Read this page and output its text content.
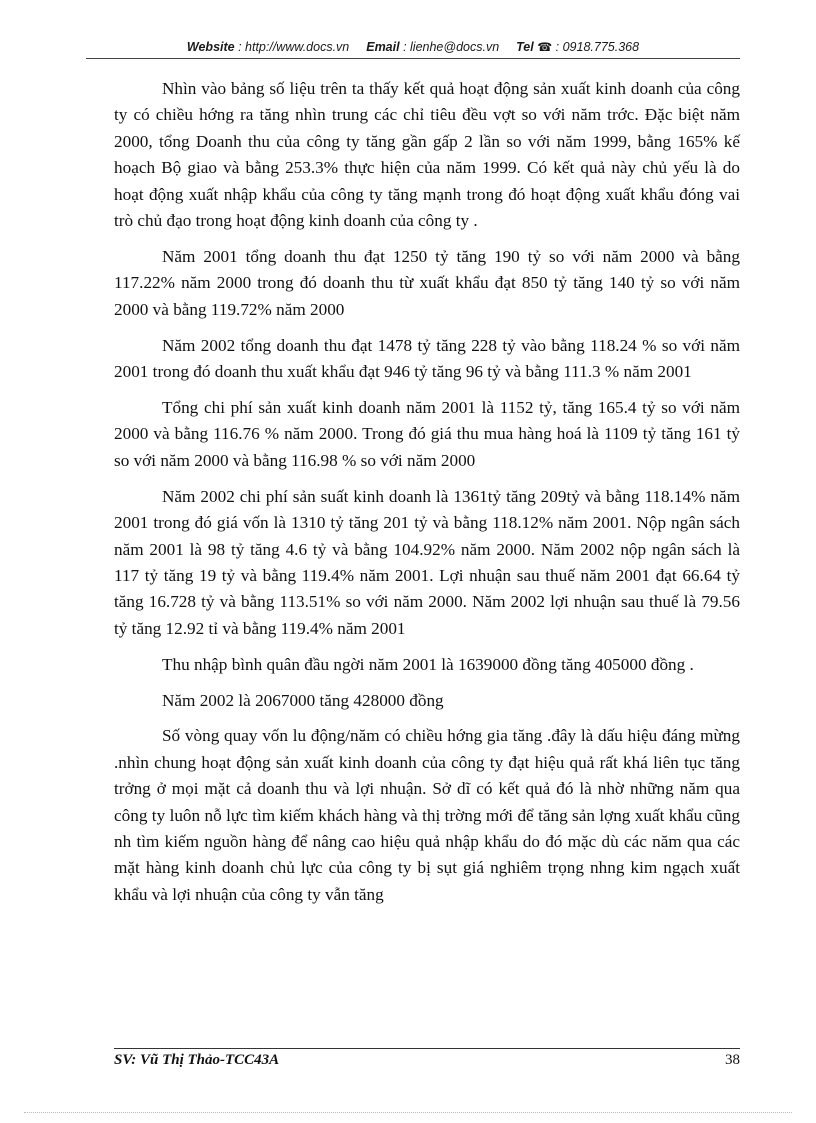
Website : http://www.docs.vn Email : lienhe@docs.vn Tel ☎ : 0918.775.368

Nhìn vào bảng số liệu trên ta thấy kết quả hoạt động sản xuất kinh doanh của công ty có chiều hớng ra tăng nhìn trung các chỉ tiêu đều vợt so với năm trớc. Đặc biệt năm 2000, tổng Doanh thu của công ty tăng gần gấp 2 lần so với năm 1999, bằng 165% kế hoạch Bộ giao và bằng 253.3% thực hiện của năm 1999. Có kết quả này chủ yếu là do hoạt động xuất nhập khẩu của công ty tăng mạnh trong đó hoạt động xuất khẩu đóng vai trò chủ đạo trong hoạt động kinh doanh của công ty .

Năm 2001 tổng doanh thu đạt 1250 tỷ tăng 190 tỷ so với năm 2000 và bằng 117.22% năm 2000 trong đó doanh thu từ xuất khẩu đạt 850 tỷ tăng 140 tỷ so với năm 2000 và bằng 119.72% năm 2000

Năm 2002 tổng doanh thu đạt 1478 tỷ tăng 228 tỷ vào bằng 118.24 % so với năm 2001 trong đó doanh thu xuất khẩu đạt 946 tỷ tăng 96 tỷ và bằng 111.3 % năm 2001

Tổng chi phí sản xuất kinh doanh năm 2001 là 1152 tỷ, tăng 165.4 tỷ so với năm 2000 và bằng 116.76 % năm 2000. Trong đó giá thu mua hàng hoá là 1109 tỷ tăng 161 tỷ so với năm 2000 và bằng 116.98 % so với năm 2000

Năm 2002 chi phí sản suất kinh doanh là 1361tỷ tăng 209tỷ và bằng 118.14% năm 2001 trong đó giá vốn là 1310 tỷ tăng 201 tỷ và bằng 118.12% năm 2001. Nộp ngân sách năm 2001 là 98 tỷ tăng 4.6 tỷ và bằng 104.92% năm 2000. Năm 2002 nộp ngân sách là 117 tỷ tăng 19 tỷ và bằng 119.4% năm 2001. Lợi nhuận sau thuế năm 2001 đạt 66.64 tỷ tăng 16.728 tỷ và bằng 113.51% so với năm 2000. Năm 2002 lợi nhuận sau thuế là 79.56 tỷ tăng 12.92 tỉ và bằng 119.4% năm 2001

Thu nhập bình quân đầu ngời năm 2001 là 1639000 đồng tăng 405000 đồng .

Năm 2002 là 2067000 tăng 428000 đồng

Số vòng quay vốn lu động/năm có chiều hớng gia tăng .đây là dấu hiệu đáng mừng .nhìn chung hoạt động sản xuất kinh doanh của công ty đạt hiệu quả rất khá liên tục tăng trởng ở mọi mặt cả doanh thu và lợi nhuận. Sở dĩ có kết quả đó là nhờ những năm qua công ty luôn nỗ lực tìm kiếm khách hàng và thị trờng mới để tăng sản lợng xuất khẩu cũng nh tìm kiếm nguồn hàng để nâng cao hiệu quả nhập khẩu do đó mặc dù các năm qua các mặt hàng kinh doanh chủ lực của công ty bị sụt giá nghiêm trọng nhng kim ngạch xuất khẩu và lợi nhuận của công ty vẫn tăng

SV: Vũ Thị Thảo-TCC43A	38
